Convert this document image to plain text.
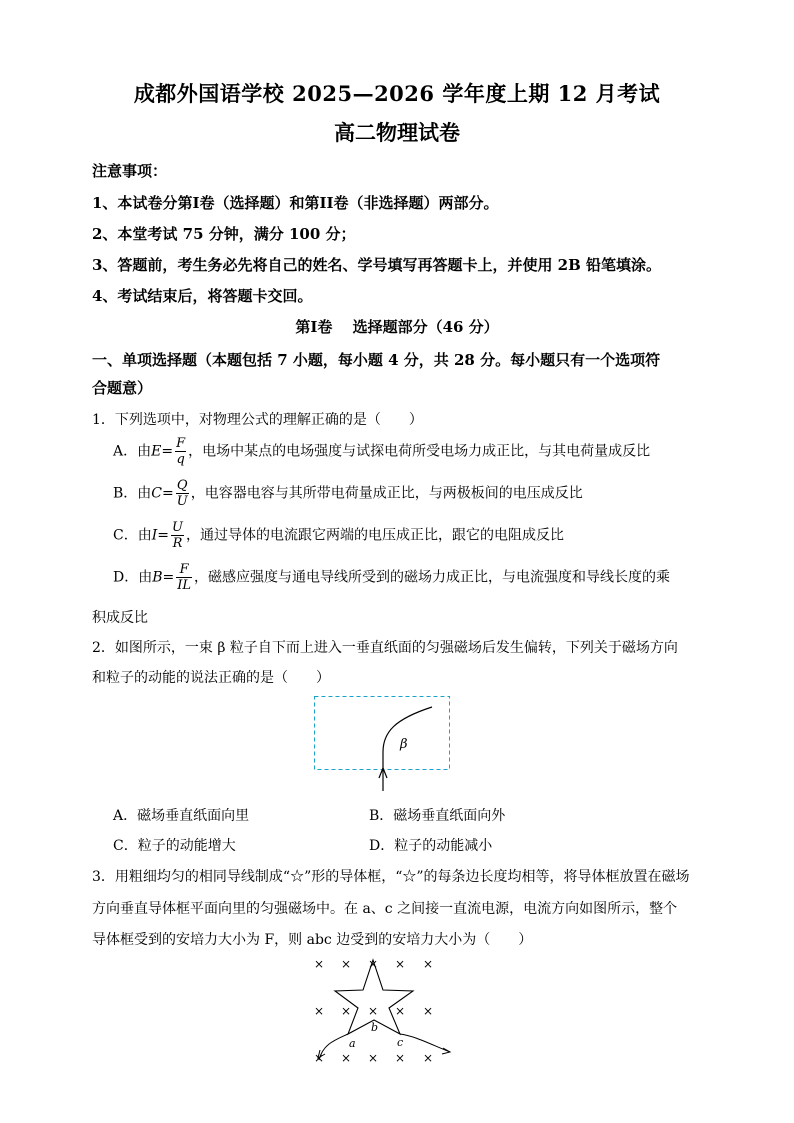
成都外国语学校 2025—2026 学年度上期 12 月考试
高二物理试卷
注意事项：
1、本试卷分第I卷（选择题）和第II卷（非选择题）两部分。
2、本堂考试 75 分钟，满分 100 分；
3、答题前，考生务必先将自己的姓名、学号填写再答题卡上，并使用 2B 铅笔填涂。
4、考试结束后，将答题卡交回。
第Ⅰ卷　 选择题部分（46 分）
一、单项选择题（本题包括 7 小题，每小题 4 分，共 28 分。每小题只有一个选项符
合题意）
1．下列选项中，对物理公式的理解正确的是（　　）
A．由$E= \frac{F}{q}$ ，电场中某点的电场强度与试探电荷所受电场力成正比，与其电荷量成反比
B．由$C= \frac{Q}{U}$ ，电容器电容与其所带电荷量成正比，与两极板间的电压成反比
C．由$I= \frac{U}{R}$ ，通过导体的电流跟它两端的电压成正比，跟它的电阻成反比
D．由$B= \frac{F}{IL}$ ，磁感应强度与通电导线所受到的磁场力成正比，与电流强度和导线长度的乘
积成反比
2．如图所示，一束 β 粒子自下而上进入一垂直纸面的匀强磁场后发生偏转，下列关于磁场方向
和粒子的动能的说法正确的是（　　）
β
A．磁场垂直纸面向里	B．磁场垂直纸面向外
C．粒子的动能增大	D．粒子的动能减小
3．用粗细均匀的相同导线制成“☆”形的导体框，“☆”的每条边长度均相等，将导体框放置在磁场
方向垂直导体框平面向里的匀强磁场中。在 a、c 之间接一直流电源，电流方向如图所示，整个
导体框受到的安培力大小为 F，则 abc 边受到的安培力大小为（　　）
× × × × ×
× × × × ×
× × × × ×
a
b
c
